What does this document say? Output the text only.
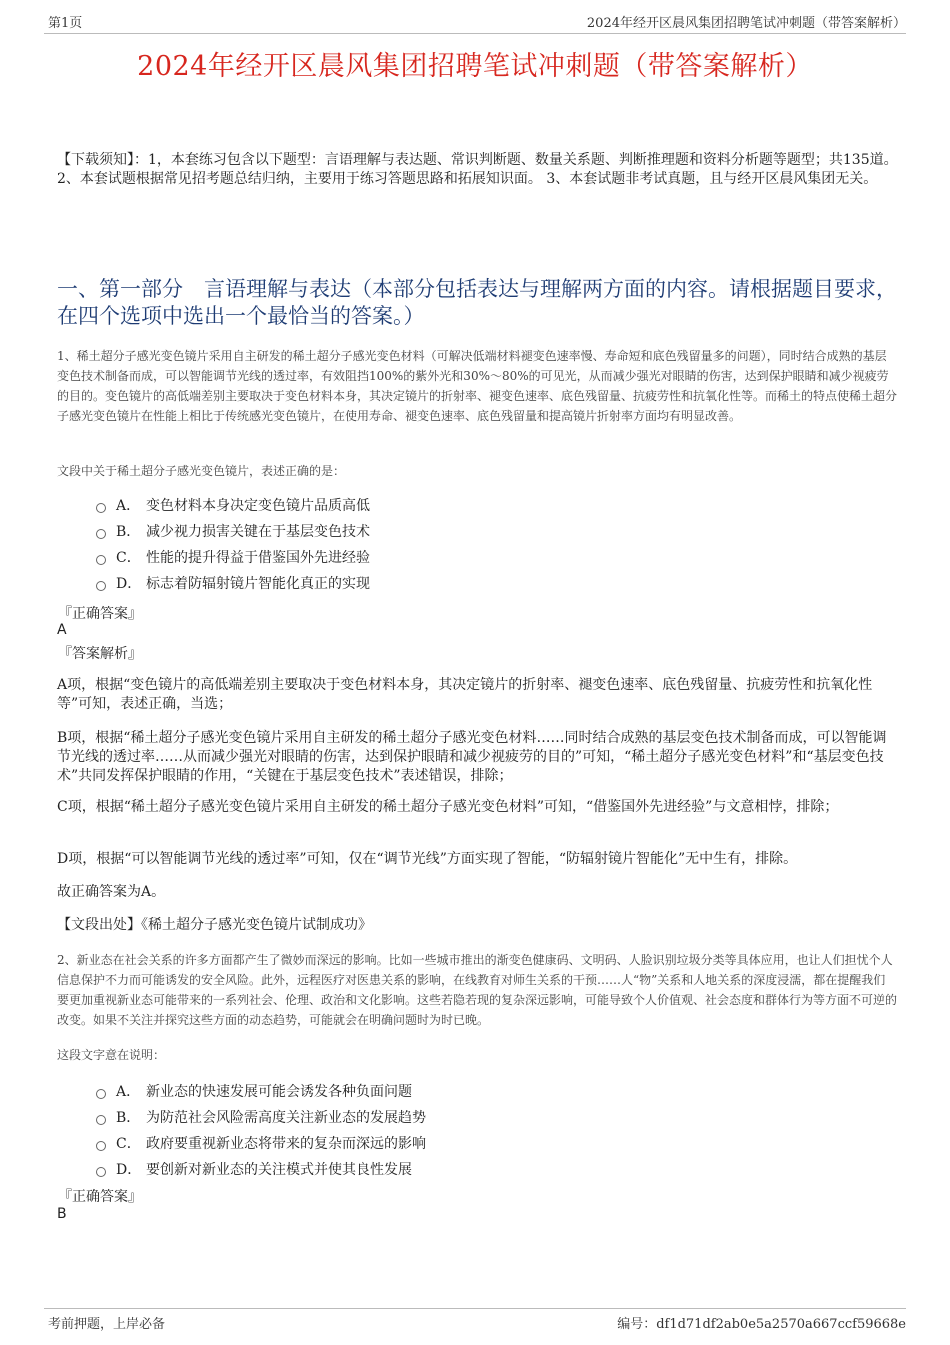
第1页	2024年经开区晨风集团招聘笔试冲刺题（带答案解析）
2024年经开区晨风集团招聘笔试冲刺题（带答案解析）
【下载须知】：1，本套练习包含以下题型：言语理解与表达题、常识判断题、数量关系题、判断推理题和资料分析题等题型；共135道。 2、本套试题根据常见招考题总结归纳，主要用于练习答题思路和拓展知识面。 3、本套试题非考试真题，且与经开区晨风集团无关。
一、第一部分　言语理解与表达（本部分包括表达与理解两方面的内容。请根据题目要求，在四个选项中选出一个最恰当的答案。）
1、稀土超分子感光变色镜片采用自主研发的稀土超分子感光变色材料（可解决低端材料褪变色速率慢、寿命短和底色残留量多的问题），同时结合成熟的基层变色技术制备而成，可以智能调节光线的透过率，有效阻挡100%的紫外光和30%～80%的可见光，从而减少强光对眼睛的伤害，达到保护眼睛和减少视疲劳的目的。变色镜片的高低端差别主要取决于变色材料本身，其决定镜片的折射率、褪变色速率、底色残留量、抗疲劳性和抗氧化性等。而稀土的特点使稀土超分子感光变色镜片在性能上相比于传统感光变色镜片，在使用寿命、褪变色速率、底色残留量和提高镜片折射率方面均有明显改善。
文段中关于稀土超分子感光变色镜片，表述正确的是：
A． 变色材料本身决定变色镜片品质高低
B． 减少视力损害关键在于基层变色技术
C． 性能的提升得益于借鉴国外先进经验
D． 标志着防辐射镜片智能化真正的实现
『正确答案』
A
『答案解析』
A项，根据“变色镜片的高低端差别主要取决于变色材料本身，其决定镜片的折射率、褪变色速率、底色残留量、抗疲劳性和抗氧化性等”可知，表述正确，当选；
B项，根据“稀土超分子感光变色镜片采用自主研发的稀土超分子感光变色材料……同时结合成熟的基层变色技术制备而成，可以智能调节光线的透过率……从而减少强光对眼睛的伤害，达到保护眼睛和减少视疲劳的目的”可知，“稀土超分子感光变色材料”和“基层变色技术”共同发挥保护眼睛的作用，“关键在于基层变色技术”表述错误，排除；
C项，根据“稀土超分子感光变色镜片采用自主研发的稀土超分子感光变色材料”可知，“借鉴国外先进经验”与文意相悖，排除；
D项，根据“可以智能调节光线的透过率”可知，仅在“调节光线”方面实现了智能，“防辐射镜片智能化”无中生有，排除。
故正确答案为A。
【文段出处】《稀土超分子感光变色镜片试制成功》
2、新业态在社会关系的许多方面都产生了微妙而深远的影响。比如一些城市推出的渐变色健康码、文明码、人脸识别垃圾分类等具体应用，也让人们担忧个人信息保护不力而可能诱发的安全风险。此外，远程医疗对医患关系的影响，在线教育对师生关系的干预……人“物”关系和人地关系的深度浸濡，都在提醒我们要更加重视新业态可能带来的一系列社会、伦理、政治和文化影响。这些若隐若现的复杂深远影响，可能导致个人价值观、社会态度和群体行为等方面不可逆的改变。如果不关注并探究这些方面的动态趋势，可能就会在明确问题时为时已晚。
这段文字意在说明：
A． 新业态的快速发展可能会诱发各种负面问题
B． 为防范社会风险需高度关注新业态的发展趋势
C． 政府要重视新业态将带来的复杂而深远的影响
D． 要创新对新业态的关注模式并使其良性发展
『正确答案』
B
考前押题，上岸必备	编号：df1d71df2ab0e5a2570a667ccf59668e
